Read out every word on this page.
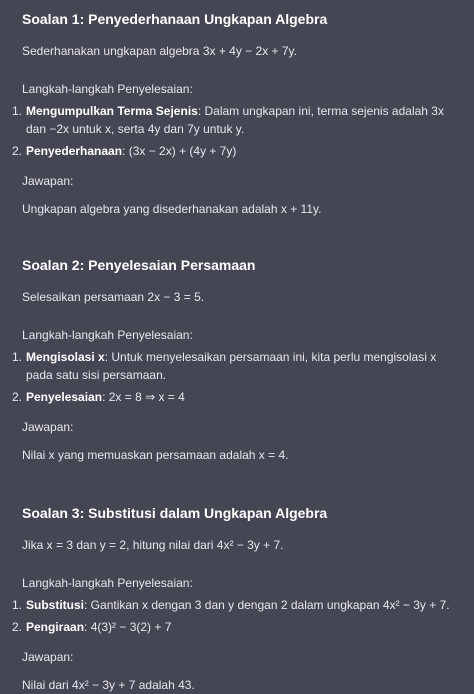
Soalan 1: Penyederhanaan Ungkapan Algebra

Sederhanakan ungkapan algebra 3x + 4y − 2x + 7y.

Langkah-langkah Penyelesaian:

1. Mengumpulkan Terma Sejenis: Dalam ungkapan ini, terma sejenis adalah 3x dan −2x untuk x, serta 4y dan 7y untuk y.
2. Penyederhanaan: (3x − 2x) + (4y + 7y)

Jawapan:

Ungkapan algebra yang disederhanakan adalah x + 11y.

Soalan 2: Penyelesaian Persamaan

Selesaikan persamaan 2x − 3 = 5.

Langkah-langkah Penyelesaian:

1. Mengisolasi x: Untuk menyelesaikan persamaan ini, kita perlu mengisolasi x pada satu sisi persamaan.
2. Penyelesaian: 2x = 8 ⇒ x = 4

Jawapan:

Nilai x yang memuaskan persamaan adalah x = 4.

Soalan 3: Substitusi dalam Ungkapan Algebra

Jika x = 3 dan y = 2, hitung nilai dari 4x² − 3y + 7.

Langkah-langkah Penyelesaian:

1. Substitusi: Gantikan x dengan 3 dan y dengan 2 dalam ungkapan 4x² − 3y + 7.
2. Pengiraan: 4(3)² − 3(2) + 7

Jawapan:

Nilai dari 4x² − 3y + 7 adalah 43.
